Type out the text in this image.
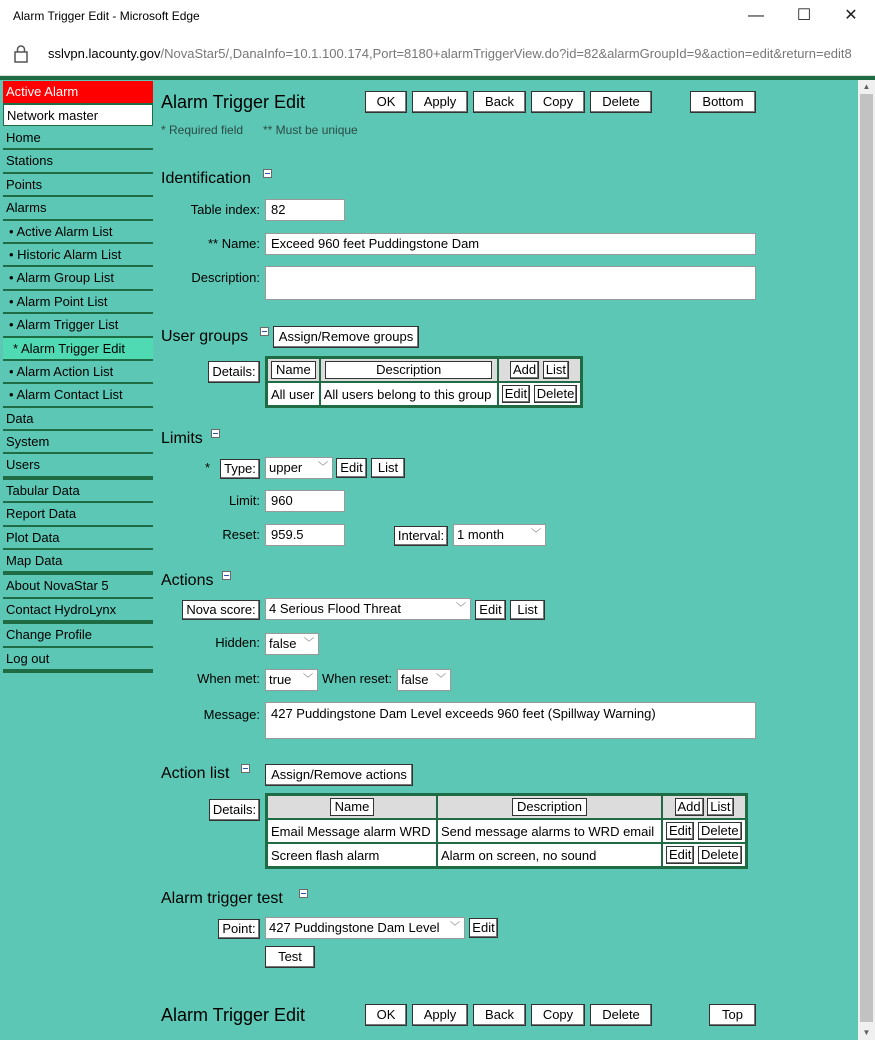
Alarm Trigger Edit - Microsoft Edge	—	☐	✕
sslvpn.lacounty.gov/NovaStar5/,DanaInfo=10.1.100.174,Port=8180+alarmTriggerView.do?id=82&alarmGroupId=9&action=edit&return=edit8
Active Alarm
Network master
Home
Stations
Points
Alarms
• Active Alarm List
• Historic Alarm List
• Alarm Group List
• Alarm Point List
• Alarm Trigger List
* Alarm Trigger Edit
• Alarm Action List
• Alarm Contact List
Data
System
Users
Tabular Data
Report Data
Plot Data
Map Data
About NovaStar 5
Contact HydroLynx
Change Profile
Log out
Alarm Trigger Edit	OK	Apply	Back	Copy	Delete	Bottom
* Required field ** Must be unique
Identification
Table index: 82
** Name: Exceed 960 feet Puddingstone Dam
Description:
User groups	Assign/Remove groups
Details:	Name	Description	Add List
All user	All users belong to this group	Edit Delete
Limits
*	Type:	upper ﹀ Edit	List
Limit: 960
Reset: 959.5	Interval: 1 month	﹀
Actions
Nova score:	4 Serious Flood Threat	﹀	Edit	List
Hidden: false ﹀
When met: true ﹀ When reset: false ﹀
Message: 427 Puddingstone Dam Level exceeds 960 feet (Spillway Warning)
Action list	Assign/Remove actions
Details:	Name	Description	Add List
Email Message alarm WRD	Send message alarms to WRD email	Edit Delete
Screen flash alarm	Alarm on screen, no sound	Edit Delete
Alarm trigger test
Point:	427 Puddingstone Dam Level ﹀ Edit
Test
Alarm Trigger Edit	OK	Apply	Back	Copy	Delete	Top
▲
▼
